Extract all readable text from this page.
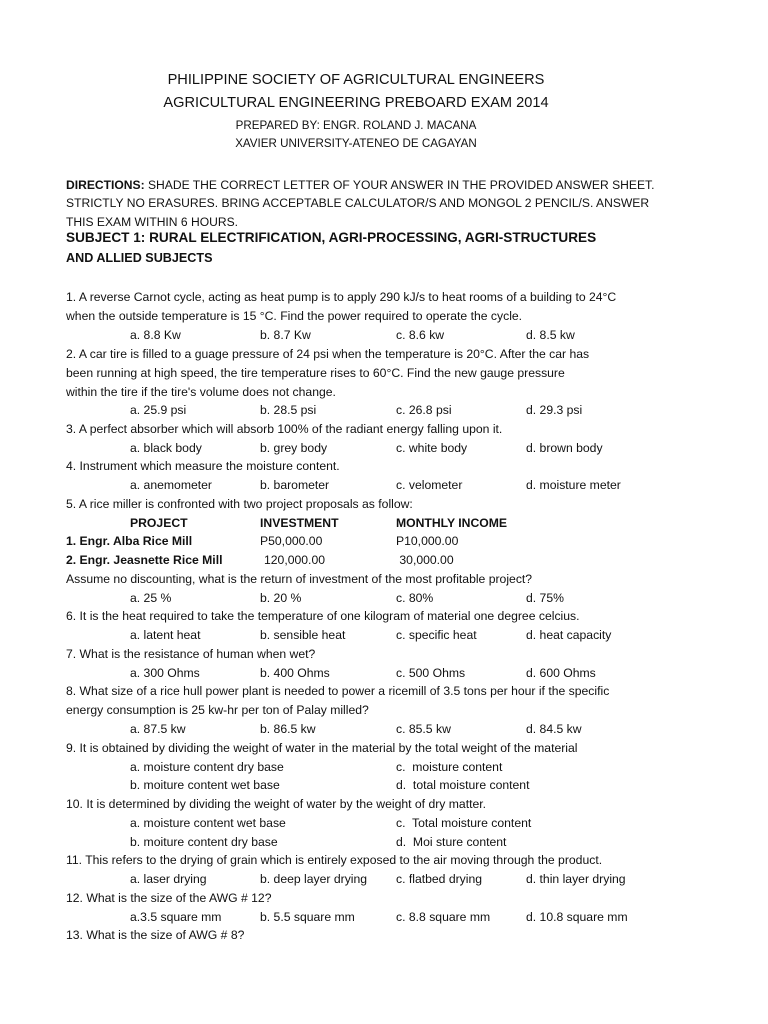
PHILIPPINE SOCIETY OF AGRICULTURAL ENGINEERS
AGRICULTURAL ENGINEERING PREBOARD EXAM 2014
PREPARED BY: ENGR. ROLAND J. MACANA
XAVIER UNIVERSITY-ATENEO DE CAGAYAN
DIRECTIONS: SHADE THE CORRECT LETTER OF YOUR ANSWER IN THE PROVIDED ANSWER SHEET. STRICTLY NO ERASURES. BRING ACCEPTABLE CALCULATOR/S AND MONGOL 2 PENCIL/S. ANSWER THIS EXAM WITHIN 6 HOURS.
SUBJECT 1: RURAL ELECTRIFICATION, AGRI-PROCESSING, AGRI-STRUCTURES
AND ALLIED SUBJECTS
1. A reverse Carnot cycle, acting as heat pump is to apply 290 kJ/s to heat rooms of a building to 24°C
when the outside temperature is 15 °C. Find the power required to operate the cycle.
a. 8.8 Kw	b. 8.7 Kw	c. 8.6 kw	d. 8.5 kw
2. A car tire is filled to a guage pressure of 24 psi when the temperature is 20°C. After the car has
been running at high speed, the tire temperature rises to 60°C. Find the new gauge pressure
within the tire if the tire's volume does not change.
a. 25.9 psi	b. 28.5 psi	c. 26.8 psi	d. 29.3 psi
3. A perfect absorber which will absorb 100% of the radiant energy falling upon it.
a. black body	b. grey body	c. white body	d. brown body
4. Instrument which measure the moisture content.
a. anemometer	b. barometer	c. velometer	d. moisture meter
5. A rice miller is confronted with two project proposals as follow:
PROJECT	INVESTMENT	MONTHLY INCOME
1. Engr. Alba Rice Mill	P50,000.00	P10,000.00
2. Engr. Jeasnette Rice Mill	120,000.00	30,000.00
Assume no discounting, what is the return of investment of the most profitable project?
a. 25 %	b. 20 %	c. 80%	d. 75%
6. It is the heat required to take the temperature of one kilogram of material one degree celcius.
a. latent heat	b. sensible heat	c. specific heat	d. heat capacity
7. What is the resistance of human when wet?
a. 300 Ohms	b. 400 Ohms	c. 500 Ohms	d. 600 Ohms
8. What size of a rice hull power plant is needed to power a ricemill of 3.5 tons per hour if the specific
energy consumption is 25 kw-hr per ton of Palay milled?
a. 87.5 kw	b. 86.5 kw	c. 85.5 kw	d. 84.5 kw
9. It is obtained by dividing the weight of water in the material by the total weight of the material
a. moisture content dry base	c.  moisture content
b. moiture content wet base	d.  total moisture content
10. It is determined by dividing the weight of water by the weight of dry matter.
a. moisture content wet base	c.  Total moisture content
b. moiture content dry base	d.  Moi sture content
11. This refers to the drying of grain which is entirely exposed to the air moving through the product.
a. laser drying	b. deep layer drying c. flatbed drying	d. thin layer drying
12. What is the size of the AWG # 12?
a.3.5 square mm	b. 5.5 square mm	c. 8.8 square mm	d. 10.8 square mm
13. What is the size of AWG # 8?
